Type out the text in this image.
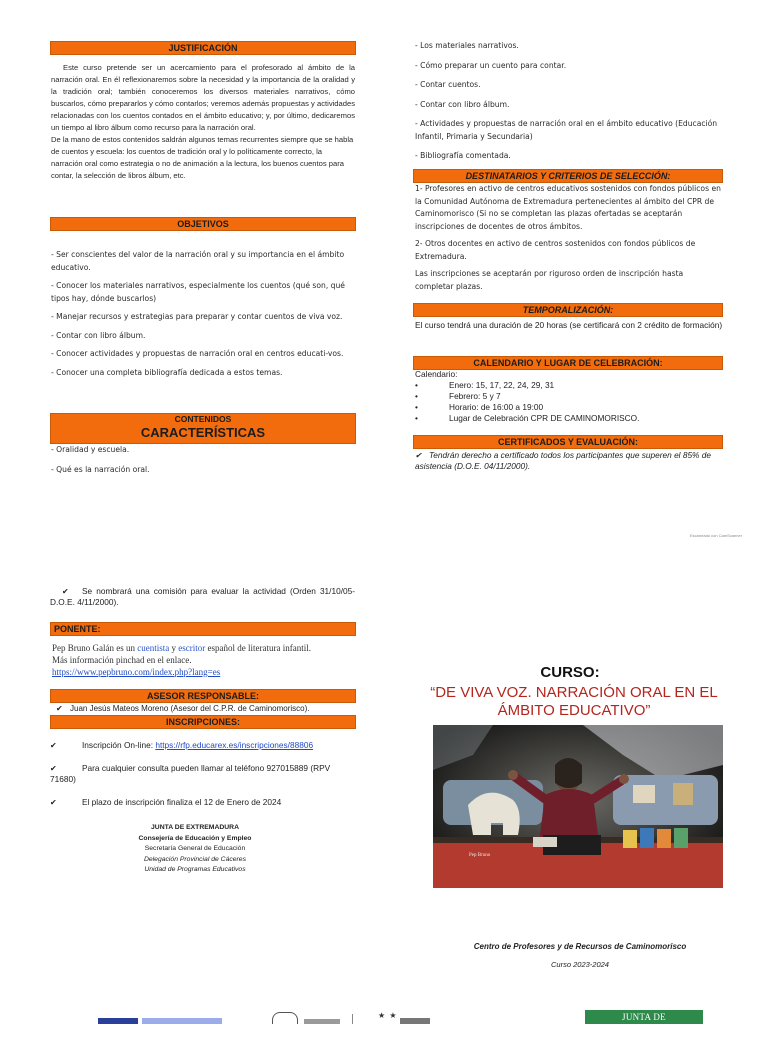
JUSTIFICACIÓN
Este curso pretende ser un acercamiento para el profesorado al ámbito de la narración oral. En él reflexionaremos sobre la necesidad y la importancia de la oralidad y la tradición oral; también conoceremos los diversos materiales narrativos, cómo buscarlos, cómo prepararlos y cómo contarlos; veremos además propuestas y actividades relacionadas con los cuentos contados en el ámbito educativo; y, por último, dedicaremos un tiempo al libro álbum como recurso para la narración oral.
De la mano de estos contenidos saldrán algunos temas recurrentes siempre que se habla de cuentos y escuela: los cuentos de tradición oral y lo políticamente correcto, la narración oral como estrategia o no de animación a la lectura, los buenos cuentos para contar, la selección de libros álbum, etc.
OBJETIVOS
- Ser conscientes del valor de la narración oral y su importancia en el ámbito educativo.
- Conocer los materiales narrativos, especialmente los cuentos (qué son, qué tipos hay, dónde buscarlos)
- Manejar recursos y estrategias para preparar y contar cuentos de viva voz.
- Contar con libro álbum.
- Conocer actividades y propuestas de narración oral en centros educati-vos.
- Conocer una completa bibliografía dedicada a estos temas.
CONTENIDOS
CARACTERÍSTICAS
- Oralidad y escuela.
- Qué es la narración oral.
- Los materiales narrativos.
- Cómo preparar un cuento para contar.
- Contar cuentos.
- Contar con libro álbum.
- Actividades y propuestas de narración oral en el ámbito educativo (Educación Infantil, Primaria y Secundaria)
- Bibliografía comentada.
DESTINATARIOS Y CRITERIOS DE SELECCIÓN:
1- Profesores en activo de centros educativos sostenidos con fondos públicos en la Comunidad Autónoma de Extremadura pertenecientes al ámbito del CPR de Caminomorisco (Si no se completan las plazas ofertadas se aceptarán inscripciones de docentes de otros ámbitos.
2- Otros docentes en activo de centros sostenidos con fondos públicos de Extremadura.
Las inscripciones se aceptarán por riguroso orden de inscripción hasta completar plazas.
TEMPORALIZACIÓN:
El curso tendrá una duración de 20 horas (se certificará con 2 crédito de formación)
CALENDARIO Y LUGAR DE CELEBRACIÓN:
Calendario:
• Enero: 15, 17, 22, 24, 29, 31
• Febrero: 5 y 7
• Horario: de 16:00 a 19:00
• Lugar de Celebración CPR DE CAMINOMORISCO.
CERTIFICADOS Y EVALUACIÓN:
✔ Tendrán derecho a certificado todos los participantes que superen el 85% de asistencia (D.O.E. 04/11/2000).
Escaneado con CamScanner
✔ Se nombrará una comisión para evaluar la actividad (Orden 31/10/05-D.O.E. 4/11/2000).
PONENTE:
Pep Bruno Galán es un cuentista y escritor español de literatura infantil.
Más información pinchad en el enlace.
https://www.pepbruno.com/index.php?lang=es
ASESOR RESPONSABLE:
✔ Juan Jesús Mateos Moreno (Asesor del C.P.R. de Caminomorisco).
INSCRIPCIONES:
✔	Inscripción On-line: https://rfp.educarex.es/inscripciones/88806
✔	Para cualquier consulta pueden llamar al teléfono 927015889 (RPV 71680)
✔	El plazo de inscripción finaliza el 12 de Enero de 2024
JUNTA DE EXTREMADURA
Consejería de Educación y Empleo
Secretaría General de Educación
Delegación Provincial de Cáceres
Unidad de Programas Educativos
CURSO:
“DE VIVA VOZ. NARRACIÓN ORAL EN EL ÁMBITO EDUCATIVO”
Pep Bruno
Centro de Profesores y de Recursos de Caminomorisco
Curso 2023-2024
★ ★	JUNTA DE EXTREMADURA
